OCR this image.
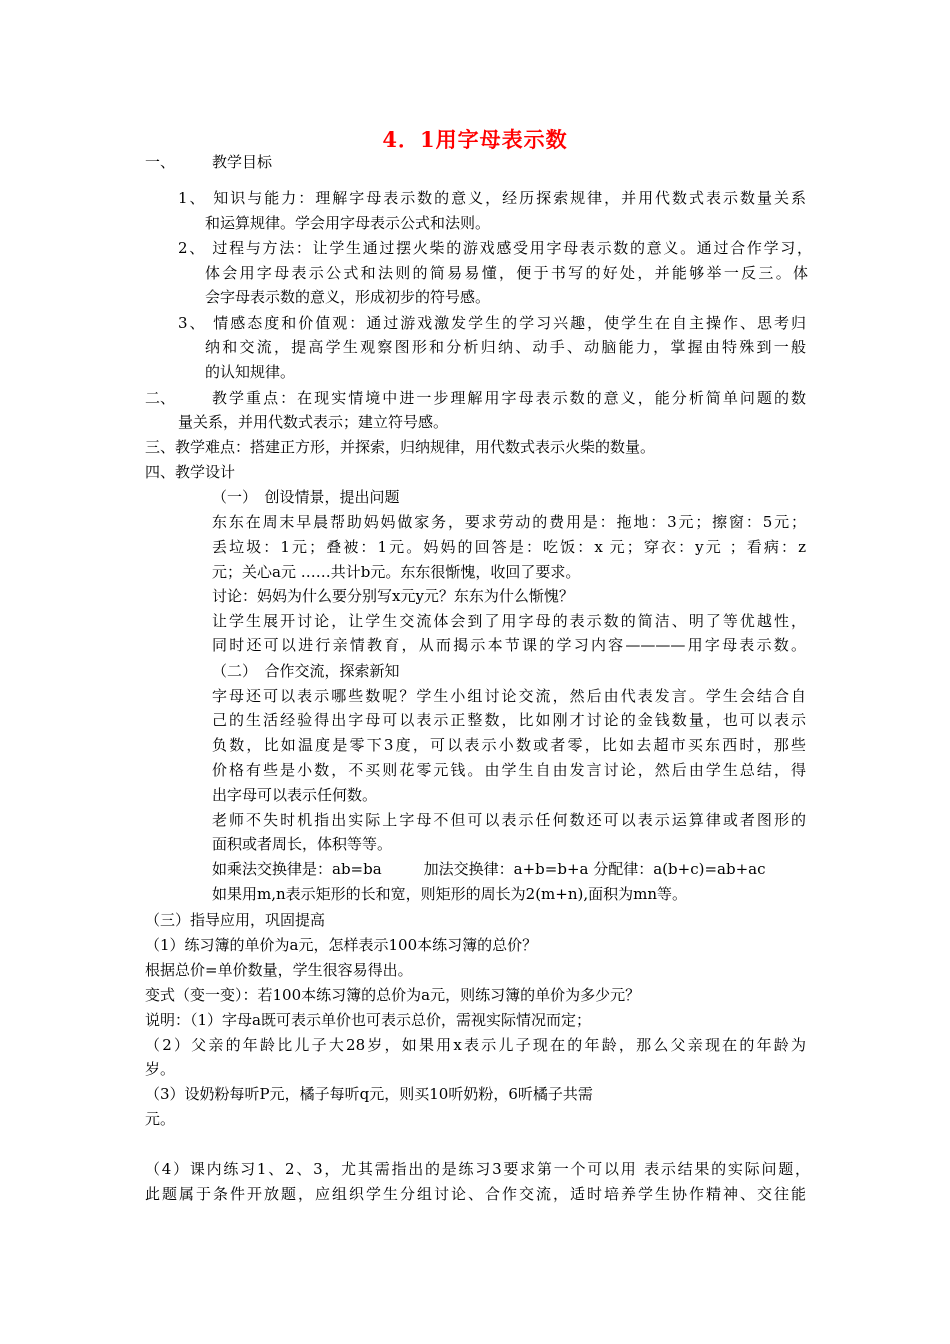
4．1用字母表示数
一、 教学目标
1、 知识与能力：理解字母表示数的意义，经历探索规律，并用代数式表示数量关系
和运算规律。学会用字母表示公式和法则。
2、 过程与方法：让学生通过摆火柴的游戏感受用字母表示数的意义。通过合作学习，
体会用字母表示公式和法则的简易易懂，便于书写的好处，并能够举一反三。体
会字母表示数的意义，形成初步的符号感。
3、 情感态度和价值观：通过游戏激发学生的学习兴趣，使学生在自主操作、思考归
纳和交流，提高学生观察图形和分析归纳、动手、动脑能力，掌握由特殊到一般
的认知规律。
二、 教学重点：在现实情境中进一步理解用字母表示数的意义，能分析简单问题的数
量关系，并用代数式表示；建立符号感。
三、教学难点：搭建正方形，并探索，归纳规律，用代数式表示火柴的数量。
四、教学设计
（一）　创设情景，提出问题
东东在周末早晨帮助妈妈做家务，要求劳动的费用是：拖地：3元；擦窗：5元；
丢垃圾：1元；叠被：1元。妈妈的回答是：吃饭：x 元；穿衣：y元 ；看病：z
元；关心a元 ……共计b元。东东很惭愧，收回了要求。
讨论：妈妈为什么要分别写x元y元？东东为什么惭愧？
让学生展开讨论，让学生交流体会到了用字母的表示数的简洁、明了等优越性，
同时还可以进行亲情教育，从而揭示本节课的学习内容————用字母表示数。
（二）　合作交流，探索新知
字母还可以表示哪些数呢？学生小组讨论交流，然后由代表发言。学生会结合自
己的生活经验得出字母可以表示正整数，比如刚才讨论的金钱数量，也可以表示
负数，比如温度是零下3度，可以表示小数或者零，比如去超市买东西时，那些
价格有些是小数，不买则花零元钱。由学生自由发言讨论，然后由学生总结，得
出字母可以表示任何数。
老师不失时机指出实际上字母不但可以表示任何数还可以表示运算律或者图形的
面积或者周长，体积等等。
如乘法交换律是：ab=ba	加法交换律：a+b=b+a 分配律：a(b+c)=ab+ac
如果用m,n表示矩形的长和宽，则矩形的周长为2(m+n),面积为mn等。
（三）指导应用，巩固提高
（1）练习簿的单价为a元，怎样表示100本练习簿的总价？
根据总价=单价数量，学生很容易得出。
变式（变一变）：若100本练习簿的总价为a元，则练习簿的单价为多少元？
说明：（1）字母a既可表示单价也可表示总价，需视实际情况而定；
（2）父亲的年龄比儿子大28岁，如果用x表示儿子现在的年龄，那么父亲现在的年龄为
岁。
（3）设奶粉每听P元，橘子每听q元，则买10听奶粉，6听橘子共需
元。
（4）课内练习1、2、3，尤其需指出的是练习3要求第一个可以用 表示结果的实际问题，
此题属于条件开放题，应组织学生分组讨论、合作交流，适时培养学生协作精神、交往能
